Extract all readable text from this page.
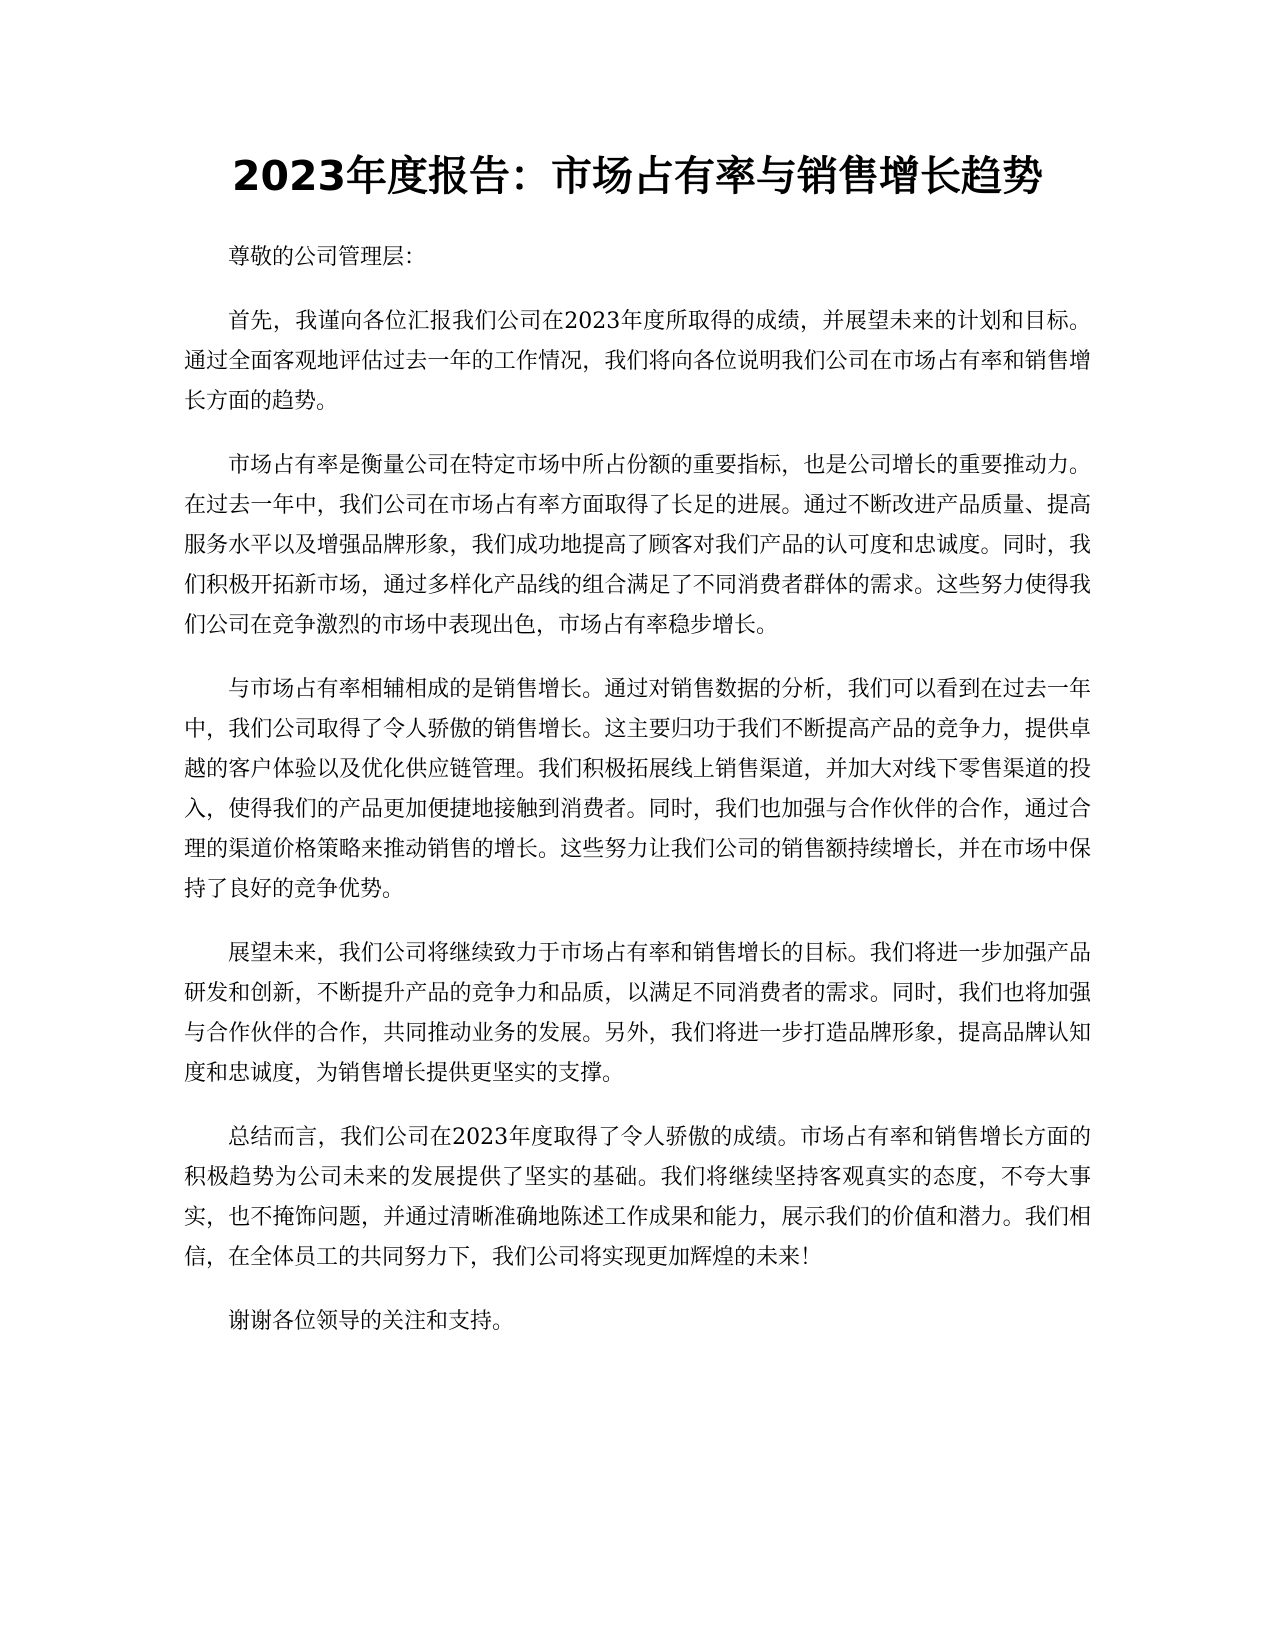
2023年度报告：市场占有率与销售增长趋势

尊敬的公司管理层：

首先，我谨向各位汇报我们公司在2023年度所取得的成绩，并展望未来的计划和目标。通过全面客观地评估过去一年的工作情况，我们将向各位说明我们公司在市场占有率和销售增长方面的趋势。

市场占有率是衡量公司在特定市场中所占份额的重要指标，也是公司增长的重要推动力。在过去一年中，我们公司在市场占有率方面取得了长足的进展。通过不断改进产品质量、提高服务水平以及增强品牌形象，我们成功地提高了顾客对我们产品的认可度和忠诚度。同时，我们积极开拓新市场，通过多样化产品线的组合满足了不同消费者群体的需求。这些努力使得我们公司在竞争激烈的市场中表现出色，市场占有率稳步增长。

与市场占有率相辅相成的是销售增长。通过对销售数据的分析，我们可以看到在过去一年中，我们公司取得了令人骄傲的销售增长。这主要归功于我们不断提高产品的竞争力，提供卓越的客户体验以及优化供应链管理。我们积极拓展线上销售渠道，并加大对线下零售渠道的投入，使得我们的产品更加便捷地接触到消费者。同时，我们也加强与合作伙伴的合作，通过合理的渠道价格策略来推动销售的增长。这些努力让我们公司的销售额持续增长，并在市场中保持了良好的竞争优势。

展望未来，我们公司将继续致力于市场占有率和销售增长的目标。我们将进一步加强产品研发和创新，不断提升产品的竞争力和品质，以满足不同消费者的需求。同时，我们也将加强与合作伙伴的合作，共同推动业务的发展。另外，我们将进一步打造品牌形象，提高品牌认知度和忠诚度，为销售增长提供更坚实的支撑。

总结而言，我们公司在2023年度取得了令人骄傲的成绩。市场占有率和销售增长方面的积极趋势为公司未来的发展提供了坚实的基础。我们将继续坚持客观真实的态度，不夸大事实，也不掩饰问题，并通过清晰准确地陈述工作成果和能力，展示我们的价值和潜力。我们相信，在全体员工的共同努力下，我们公司将实现更加辉煌的未来！

谢谢各位领导的关注和支持。
